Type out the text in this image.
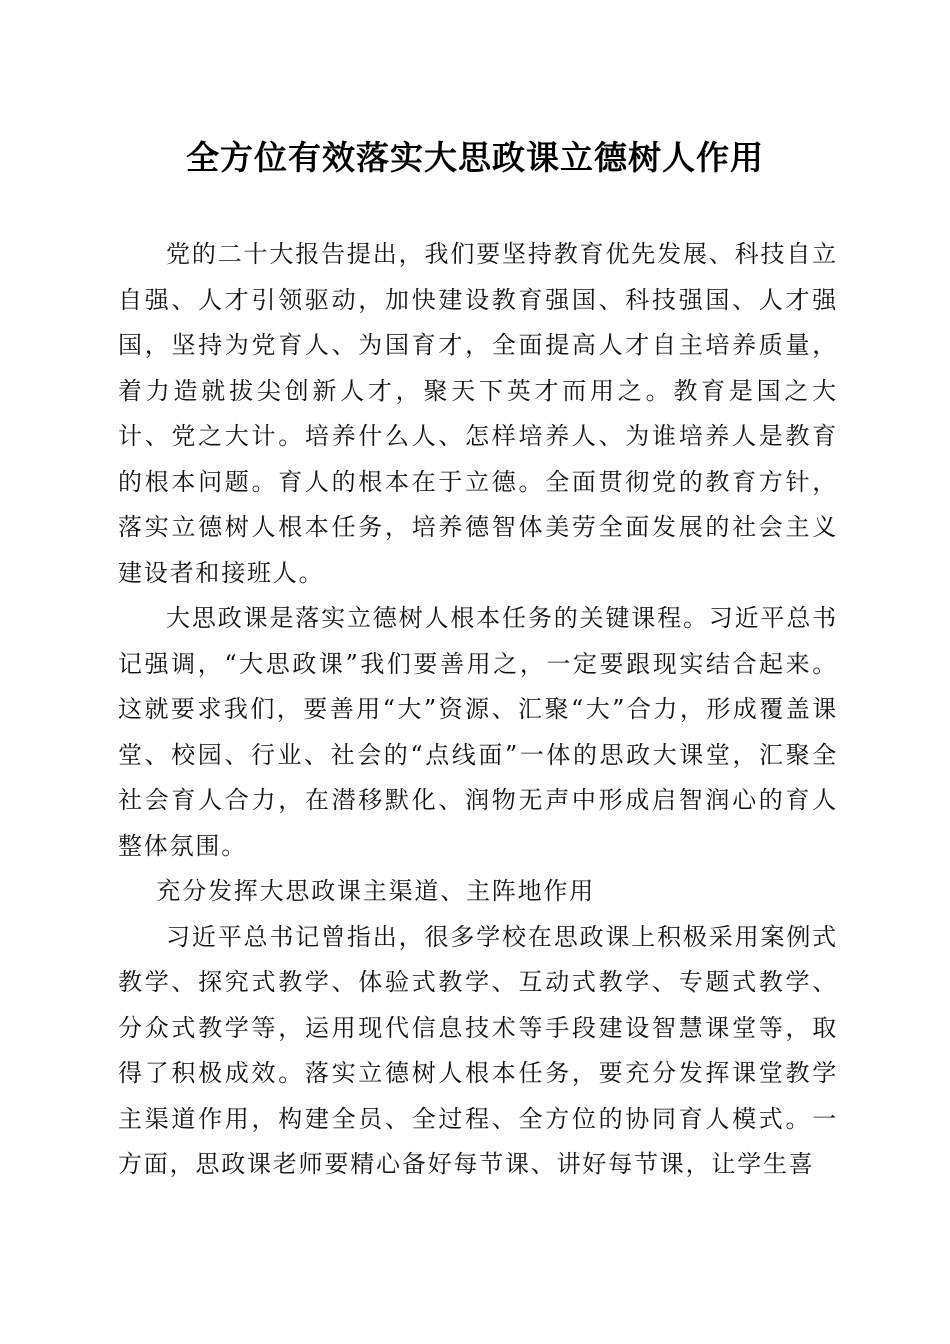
全方位有效落实大思政课立德树人作用

党的二十大报告提出，我们要坚持教育优先发展、科技自立自强、人才引领驱动，加快建设教育强国、科技强国、人才强国，坚持为党育人、为国育才，全面提高人才自主培养质量，着力造就拔尖创新人才，聚天下英才而用之。教育是国之大计、党之大计。培养什么人、怎样培养人、为谁培养人是教育的根本问题。育人的根本在于立德。全面贯彻党的教育方针，落实立德树人根本任务，培养德智体美劳全面发展的社会主义建设者和接班人。

大思政课是落实立德树人根本任务的关键课程。习近平总书记强调，“大思政课”我们要善用之，一定要跟现实结合起来。这就要求我们，要善用“大”资源、汇聚“大”合力，形成覆盖课堂、校园、行业、社会的“点线面”一体的思政大课堂，汇聚全社会育人合力，在潜移默化、润物无声中形成启智润心的育人整体氛围。

充分发挥大思政课主渠道、主阵地作用

习近平总书记曾指出，很多学校在思政课上积极采用案例式教学、探究式教学、体验式教学、互动式教学、专题式教学、分众式教学等，运用现代信息技术等手段建设智慧课堂等，取得了积极成效。落实立德树人根本任务，要充分发挥课堂教学主渠道作用，构建全员、全过程、全方位的协同育人模式。一方面，思政课老师要精心备好每节课、讲好每节课，让学生喜
